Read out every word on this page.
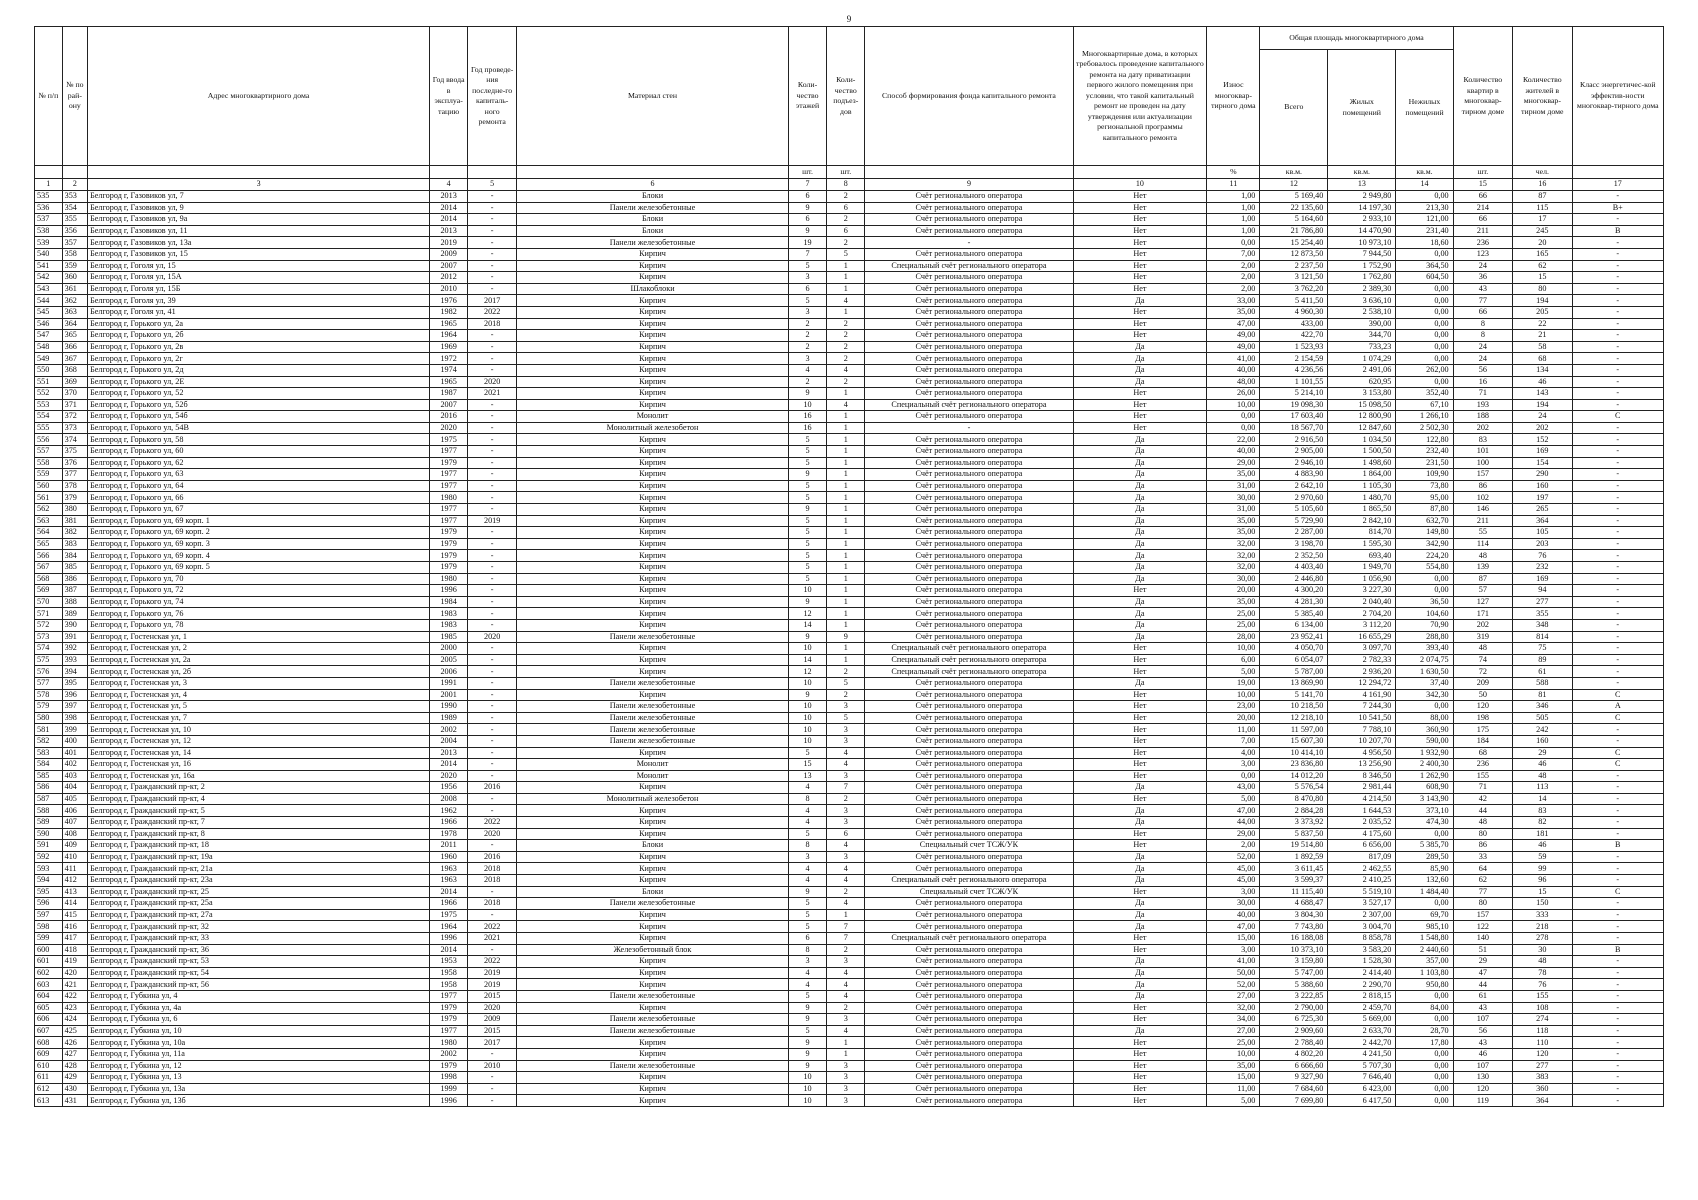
9
№ п/п	№ по рай-ону	Адрес многоквартирного дома	Год ввода в эксплуа-тацию	Год проведе-ния последне-го капиталь-ного ремонта	Материал стен	Коли-чество этажей	Коли-чество подъез-дов	Способ формирования фонда капитального ремонта	Многоквартирные дома, в которых требовалось проведение капитального ремонта на дату приватизации первого жилого помещения при условии, что такой капитальный ремонт не проведен на дату утверждения или актуализации региональной программы капитального ремонта	Износ многоквар-тирного дома	Общая площадь многоквартирного дома			Количество квартир в многоквар-тирном доме	Количество жителей в многоквар-тирном доме	Класс энергетичес-кой эффектив-ности многоквар-тирного дома
											Всего	Жилых помещений	Нежилых помещений			
						шт.	шт.			%	кв.м.	кв.м.	кв.м.	шт.	чел.	
1	2	3	4	5	6	7	8	9	10	11	12	13	14	15	16	17
535	353	Белгород г, Газовиков ул, 7	2013	-	Блоки	6	2	Счёт регионального оператора	Нет	1,00	5 169,40	2 949,80	0,00	66	87	-
536	354	Белгород г, Газовиков ул, 9	2014	-	Панели железобетонные	9	6	Счёт регионального оператора	Нет	1,00	22 135,60	14 197,30	213,30	214	115	В+
537	355	Белгород г, Газовиков ул, 9а	2014	-	Блоки	6	2	Счёт регионального оператора	Нет	1,00	5 164,60	2 933,10	121,00	66	17	-
538	356	Белгород г, Газовиков ул, 11	2013	-	Блоки	9	6	Счёт регионального оператора	Нет	1,00	21 786,80	14 470,90	231,40	211	245	В
539	357	Белгород г, Газовиков ул, 13а	2019	-	Панели железобетонные	19	2	-	Нет	0,00	15 254,40	10 973,10	18,60	236	20	-
540	358	Белгород г, Газовиков ул, 15	2009	-	Кирпич	7	5	Счёт регионального оператора	Нет	7,00	12 873,50	7 944,50	0,00	123	165	-
541	359	Белгород г, Гоголя ул, 15	2007	-	Кирпич	5	1	Специальный счёт регионального оператора	Нет	2,00	2 237,50	1 752,90	364,50	24	62	-
542	360	Белгород г, Гоголя ул, 15А	2012	-	Кирпич	3	1	Счёт регионального оператора	Нет	2,00	3 121,50	1 762,80	604,50	36	15	-
543	361	Белгород г, Гоголя ул, 15Б	2010	-	Шлакоблоки	6	1	Счёт регионального оператора	Нет	2,00	3 762,20	2 389,30	0,00	43	80	-
544	362	Белгород г, Гоголя ул, 39	1976	2017	Кирпич	5	4	Счёт регионального оператора	Да	33,00	5 411,50	3 636,10	0,00	77	194	-
545	363	Белгород г, Гоголя ул, 41	1982	2022	Кирпич	3	1	Счёт регионального оператора	Нет	35,00	4 960,30	2 538,10	0,00	66	205	-
546	364	Белгород г, Горького ул, 2а	1965	2018	Кирпич	2	2	Счёт регионального оператора	Нет	47,00	433,00	390,00	0,00	8	22	-
547	365	Белгород г, Горького ул, 2б	1964	-	Кирпич	2	2	Счёт регионального оператора	Нет	49,00	422,70	344,70	0,00	8	21	-
548	366	Белгород г, Горького ул, 2в	1969	-	Кирпич	2	2	Счёт регионального оператора	Да	49,00	1 523,93	733,23	0,00	24	58	-
549	367	Белгород г, Горького ул, 2г	1972	-	Кирпич	3	2	Счёт регионального оператора	Да	41,00	2 154,59	1 074,29	0,00	24	68	-
550	368	Белгород г, Горького ул, 2д	1974	-	Кирпич	4	4	Счёт регионального оператора	Да	40,00	4 236,56	2 491,06	262,00	56	134	-
551	369	Белгород г, Горького ул, 2Е	1965	2020	Кирпич	2	2	Счёт регионального оператора	Да	48,00	1 101,55	620,95	0,00	16	46	-
552	370	Белгород г, Горького ул, 52	1987	2021	Кирпич	9	1	Счёт регионального оператора	Нет	26,00	5 214,10	3 153,80	352,40	71	143	-
553	371	Белгород г, Горького ул, 52б	2007	-	Кирпич	10	4	Специальный счёт регионального оператора	Нет	10,00	19 098,30	15 098,50	67,10	193	194	-
554	372	Белгород г, Горького ул, 54б	2016	-	Монолит	16	1	Счёт регионального оператора	Нет	0,00	17 603,40	12 800,90	1 266,10	188	24	С
555	373	Белгород г, Горького ул, 54В	2020	-	Монолитный железобетон	16	1	-	Нет	0,00	18 567,70	12 847,60	2 502,30	202	202	-
556	374	Белгород г, Горького ул, 58	1975	-	Кирпич	5	1	Счёт регионального оператора	Да	22,00	2 916,50	1 034,50	122,80	83	152	-
557	375	Белгород г, Горького ул, 60	1977	-	Кирпич	5	1	Счёт регионального оператора	Да	40,00	2 905,00	1 500,50	232,40	101	169	-
558	376	Белгород г, Горького ул, 62	1979	-	Кирпич	5	1	Счёт регионального оператора	Да	29,00	2 946,10	1 498,60	231,50	100	154	-
559	377	Белгород г, Горького ул, 63	1977	-	Кирпич	9	1	Счёт регионального оператора	Да	35,00	4 883,90	1 864,00	109,90	157	290	-
560	378	Белгород г, Горького ул, 64	1977	-	Кирпич	5	1	Счёт регионального оператора	Да	31,00	2 642,10	1 105,30	73,80	86	160	-
561	379	Белгород г, Горького ул, 66	1980	-	Кирпич	5	1	Счёт регионального оператора	Да	30,00	2 970,60	1 480,70	95,00	102	197	-
562	380	Белгород г, Горького ул, 67	1977	-	Кирпич	9	1	Счёт регионального оператора	Да	31,00	5 105,60	1 865,50	87,80	146	265	-
563	381	Белгород г, Горького ул, 69 корп. 1	1977	2019	Кирпич	5	1	Счёт регионального оператора	Да	35,00	5 729,90	2 842,10	632,70	211	364	-
564	382	Белгород г, Горького ул, 69 корп. 2	1979	-	Кирпич	5	1	Счёт регионального оператора	Да	35,00	2 287,00	814,70	149,80	55	105	-
565	383	Белгород г, Горького ул, 69 корп. 3	1979	-	Кирпич	5	1	Счёт регионального оператора	Да	32,00	3 198,70	1 595,30	342,90	114	203	-
566	384	Белгород г, Горького ул, 69 корп. 4	1979	-	Кирпич	5	1	Счёт регионального оператора	Да	32,00	2 352,50	693,40	224,20	48	76	-
567	385	Белгород г, Горького ул, 69 корп. 5	1979	-	Кирпич	5	1	Счёт регионального оператора	Да	32,00	4 403,40	1 949,70	554,80	139	232	-
568	386	Белгород г, Горького ул, 70	1980	-	Кирпич	5	1	Счёт регионального оператора	Да	30,00	2 446,80	1 056,90	0,00	87	169	-
569	387	Белгород г, Горького ул, 72	1996	-	Кирпич	10	1	Счёт регионального оператора	Нет	20,00	4 300,20	3 227,30	0,00	57	94	-
570	388	Белгород г, Горького ул, 74	1984	-	Кирпич	9	1	Счёт регионального оператора	Да	35,00	4 281,30	2 040,40	36,50	127	277	-
571	389	Белгород г, Горького ул, 76	1983	-	Кирпич	12	1	Счёт регионального оператора	Да	25,00	5 385,40	2 704,20	104,60	171	355	-
572	390	Белгород г, Горького ул, 78	1983	-	Кирпич	14	1	Счёт регионального оператора	Да	25,00	6 134,00	3 112,20	70,90	202	348	-
573	391	Белгород г, Гостенская ул, 1	1985	2020	Панели железобетонные	9	9	Счёт регионального оператора	Да	28,00	23 952,41	16 655,29	288,80	319	814	-
574	392	Белгород г, Гостенская ул, 2	2000	-	Кирпич	10	1	Специальный счёт регионального оператора	Нет	10,00	4 050,70	3 097,70	393,40	48	75	-
575	393	Белгород г, Гостенская ул, 2а	2005	-	Кирпич	14	1	Специальный счёт регионального оператора	Нет	6,00	6 054,07	2 782,33	2 074,75	74	89	-
576	394	Белгород г, Гостенская ул, 2б	2006	-	Кирпич	12	2	Специальный счёт регионального оператора	Нет	5,00	5 787,00	2 936,20	1 630,50	72	61	-
577	395	Белгород г, Гостенская ул, 3	1991	-	Панели железобетонные	10	5	Счёт регионального оператора	Да	19,00	13 869,90	12 294,72	37,40	209	588	-
578	396	Белгород г, Гостенская ул, 4	2001	-	Кирпич	9	2	Счёт регионального оператора	Нет	10,00	5 141,70	4 161,90	342,30	50	81	С
579	397	Белгород г, Гостенская ул, 5	1990	-	Панели железобетонные	10	3	Счёт регионального оператора	Нет	23,00	10 218,50	7 244,30	0,00	120	346	А
580	398	Белгород г, Гостенская ул, 7	1989	-	Панели железобетонные	10	5	Счёт регионального оператора	Нет	20,00	12 218,10	10 541,50	88,00	198	505	С
581	399	Белгород г, Гостенская ул, 10	2002	-	Панели железобетонные	10	3	Счёт регионального оператора	Нет	11,00	11 597,00	7 788,10	360,90	175	242	-
582	400	Белгород г, Гостенская ул, 12	2004	-	Панели железобетонные	10	3	Счёт регионального оператора	Нет	7,00	15 607,30	10 207,70	590,00	184	160	-
583	401	Белгород г, Гостенская ул, 14	2013	-	Кирпич	5	4	Счёт регионального оператора	Нет	4,00	10 414,10	4 956,50	1 932,90	68	29	С
584	402	Белгород г, Гостенская ул, 16	2014	-	Монолит	15	4	Счёт регионального оператора	Нет	3,00	23 836,80	13 256,90	2 400,30	236	46	С
585	403	Белгород г, Гостенская ул, 16а	2020	-	Монолит	13	3	Счёт регионального оператора	Нет	0,00	14 012,20	8 346,50	1 262,90	155	48	-
586	404	Белгород г, Гражданский пр-кт, 2	1956	2016	Кирпич	4	7	Счёт регионального оператора	Да	43,00	5 576,54	2 981,44	608,90	71	113	-
587	405	Белгород г, Гражданский пр-кт, 4	2008	-	Монолитный железобетон	8	2	Счёт регионального оператора	Нет	5,00	8 470,80	4 214,50	3 143,90	42	14	-
588	406	Белгород г, Гражданский пр-кт, 5	1962	-	Кирпич	4	3	Счёт регионального оператора	Да	47,00	2 884,28	1 644,53	373,10	44	83	-
589	407	Белгород г, Гражданский пр-кт, 7	1966	2022	Кирпич	4	3	Счёт регионального оператора	Да	44,00	3 373,92	2 035,52	474,30	48	82	-
590	408	Белгород г, Гражданский пр-кт, 8	1978	2020	Кирпич	5	6	Счёт регионального оператора	Нет	29,00	5 837,50	4 175,60	0,00	80	181	-
591	409	Белгород г, Гражданский пр-кт, 18	2011	-	Блоки	8	4	Специальный счет ТСЖ/УК	Нет	2,00	19 514,80	6 656,00	5 385,70	86	46	В
592	410	Белгород г, Гражданский пр-кт, 19а	1960	2016	Кирпич	3	3	Счёт регионального оператора	Да	52,00	1 892,59	817,09	289,50	33	59	-
593	411	Белгород г, Гражданский пр-кт, 21а	1963	2018	Кирпич	4	4	Счёт регионального оператора	Да	45,00	3 611,45	2 462,55	85,90	64	99	-
594	412	Белгород г, Гражданский пр-кт, 23а	1963	2018	Кирпич	4	4	Специальный счёт регионального оператора	Да	45,00	3 599,37	2 410,25	132,60	62	96	-
595	413	Белгород г, Гражданский пр-кт, 25	2014	-	Блоки	9	2	Специальный счет ТСЖ/УК	Нет	3,00	11 115,40	5 519,10	1 484,40	77	15	С
596	414	Белгород г, Гражданский пр-кт, 25а	1966	2018	Панели железобетонные	5	4	Счёт регионального оператора	Да	30,00	4 688,47	3 527,17	0,00	80	150	-
597	415	Белгород г, Гражданский пр-кт, 27а	1975	-	Кирпич	5	1	Счёт регионального оператора	Да	40,00	3 804,30	2 307,00	69,70	157	333	-
598	416	Белгород г, Гражданский пр-кт, 32	1964	2022	Кирпич	5	7	Счёт регионального оператора	Да	47,00	7 743,80	3 004,70	985,10	122	218	-
599	417	Белгород г, Гражданский пр-кт, 33	1996	2021	Кирпич	6	7	Специальный счёт регионального оператора	Нет	15,00	16 188,08	8 858,78	1 548,80	140	278	-
600	418	Белгород г, Гражданский пр-кт, 36	2014	-	Железобетонный блок	8	2	Счёт регионального оператора	Нет	3,00	10 373,10	3 583,20	2 440,60	51	30	В
601	419	Белгород г, Гражданский пр-кт, 53	1953	2022	Кирпич	3	3	Счёт регионального оператора	Да	41,00	3 159,80	1 528,30	357,00	29	48	-
602	420	Белгород г, Гражданский пр-кт, 54	1958	2019	Кирпич	4	4	Счёт регионального оператора	Да	50,00	5 747,00	2 414,40	1 103,80	47	78	-
603	421	Белгород г, Гражданский пр-кт, 56	1958	2019	Кирпич	4	4	Счёт регионального оператора	Да	52,00	5 388,60	2 290,70	950,80	44	76	-
604	422	Белгород г, Губкина ул, 4	1977	2015	Панели железобетонные	5	4	Счёт регионального оператора	Да	27,00	3 222,85	2 818,15	0,00	61	155	-
605	423	Белгород г, Губкина ул, 4а	1979	2020	Кирпич	9	2	Счёт регионального оператора	Нет	32,00	2 790,00	2 459,70	84,00	43	108	-
606	424	Белгород г, Губкина ул, 6	1979	2009	Панели железобетонные	9	3	Счёт регионального оператора	Нет	34,00	6 725,30	5 669,00	0,00	107	274	-
607	425	Белгород г, Губкина ул, 10	1977	2015	Панели железобетонные	5	4	Счёт регионального оператора	Да	27,00	2 909,60	2 633,70	28,70	56	118	-
608	426	Белгород г, Губкина ул, 10а	1980	2017	Кирпич	9	1	Счёт регионального оператора	Нет	25,00	2 788,40	2 442,70	17,80	43	110	-
609	427	Белгород г, Губкина ул, 11а	2002	-	Кирпич	9	1	Счёт регионального оператора	Нет	10,00	4 802,20	4 241,50	0,00	46	120	-
610	428	Белгород г, Губкина ул, 12	1979	2010	Панели железобетонные	9	3	Счёт регионального оператора	Нет	35,00	6 666,60	5 707,30	0,00	107	277	-
611	429	Белгород г, Губкина ул, 13	1998	-	Кирпич	10	3	Счёт регионального оператора	Нет	15,00	9 327,90	7 646,40	0,00	130	383	-
612	430	Белгород г, Губкина ул, 13а	1999	-	Кирпич	10	3	Счёт регионального оператора	Нет	11,00	7 684,60	6 423,00	0,00	120	360	-
613	431	Белгород г, Губкина ул, 13б	1996	-	Кирпич	10	3	Счёт регионального оператора	Нет	5,00	7 699,80	6 417,50	0,00	119	364	-
